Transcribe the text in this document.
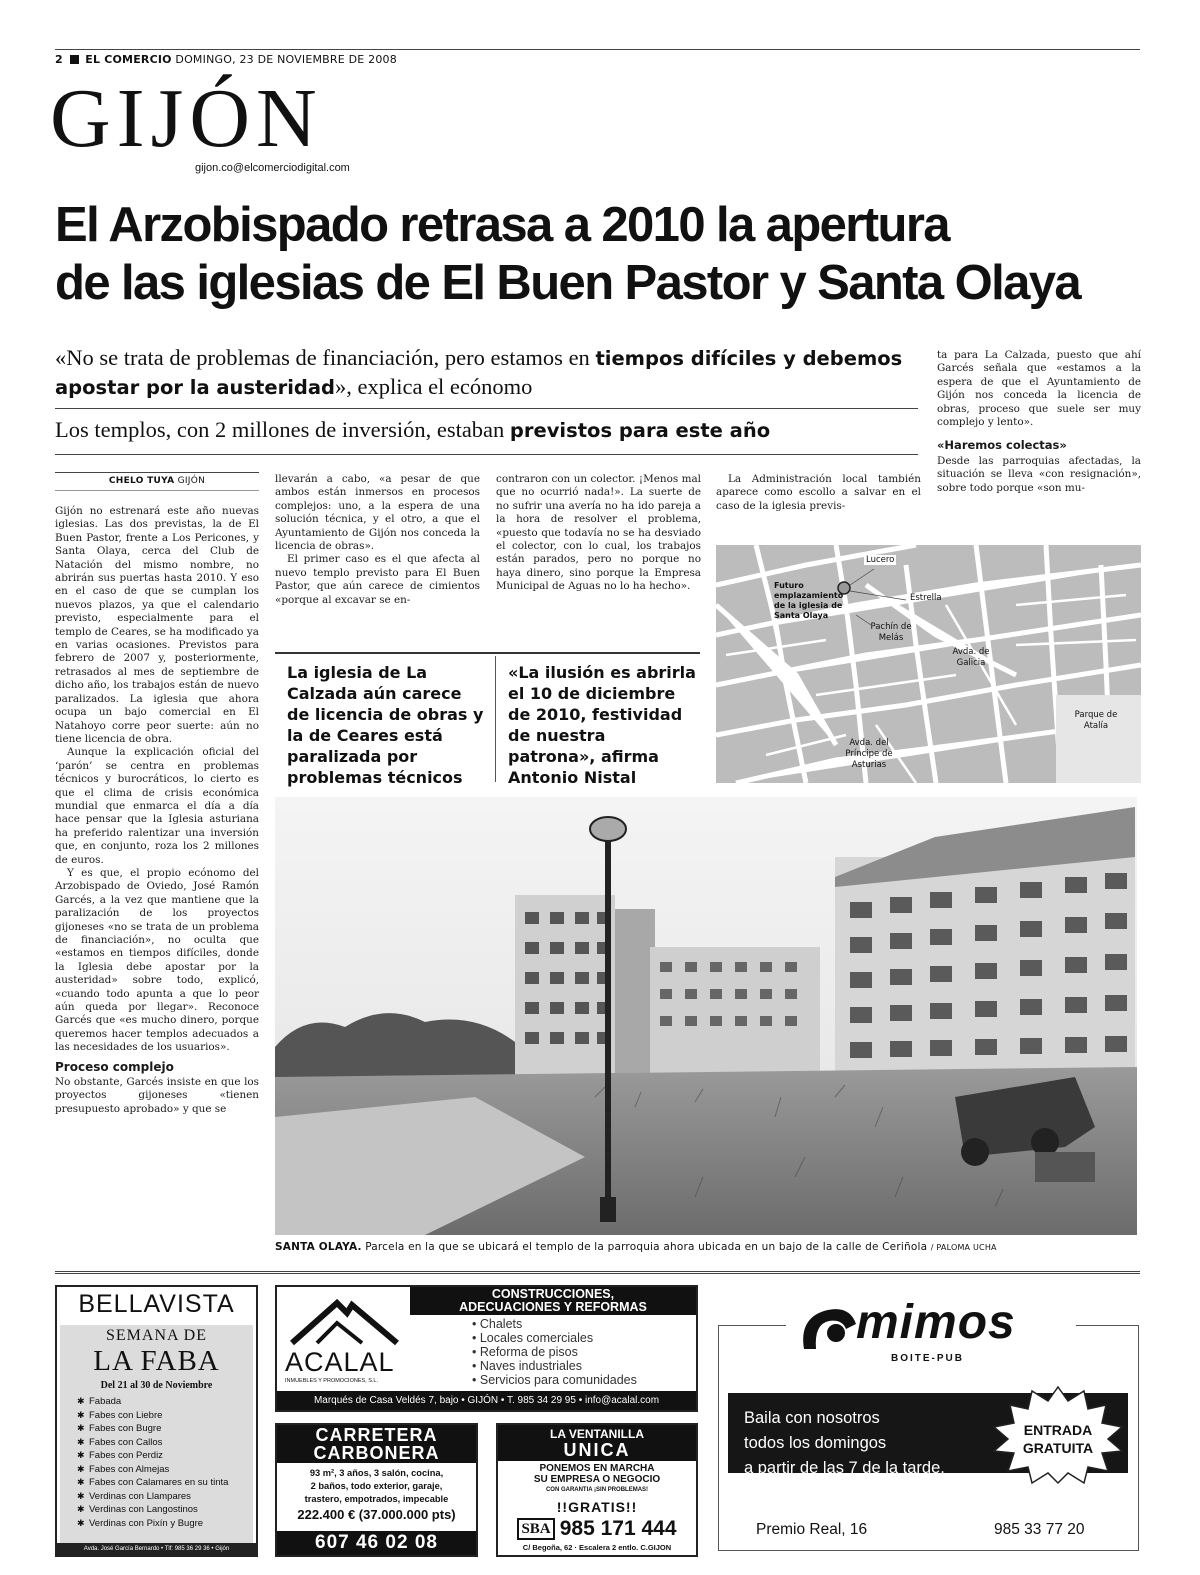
2 EL COMERCIO DOMINGO, 23 DE NOVIEMBRE DE 2008
GIJÓN
gijon.co@elcomerciodigital.com
El Arzobispado retrasa a 2010 la apertura
de las iglesias de El Buen Pastor y Santa Olaya
«No se trata de problemas de financiación, pero estamos en tiempos difíciles y debemos apostar por la austeridad», explica el ecónomo
Los templos, con 2 millones de inversión, estaban previstos para este año
CHELO TUYA GIJÓN

Gijón no estrenará este año nuevas iglesias. Las dos previstas, la de El Buen Pastor, frente a Los Pericones, y Santa Olaya, cerca del Club de Natación del mismo nombre, no abrirán sus puertas hasta 2010. Y eso en el caso de que se cumplan los nuevos plazos, ya que el calendario previsto, especialmente para el templo de Ceares, se ha modificado ya en varias ocasiones. Previstos para febrero de 2007 y, posteriormente, retrasados al mes de septiembre de dicho año, los trabajos están de nuevo paralizados. La iglesia que ahora ocupa un bajo comercial en El Natahoyo corre peor suerte: aún no tiene licencia de obra.

Aunque la explicación oficial del ‘parón’ se centra en problemas técnicos y burocráticos, lo cierto es que el clima de crisis económica mundial que enmarca el día a día hace pensar que la Iglesia asturiana ha preferido ralentizar una inversión que, en conjunto, roza los 2 millones de euros.

Y es que, el propio ecónomo del Arzobispado de Oviedo, José Ramón Garcés, a la vez que mantiene que la paralización de los proyectos gijoneses «no se trata de un problema de financiación», no oculta que «estamos en tiempos difíciles, donde la Iglesia debe apostar por la austeridad» sobre todo, explicó, «cuando todo apunta a que lo peor aún queda por llegar». Reconoce Garcés que «es mucho dinero, porque queremos hacer templos adecuados a las necesidades de los usuarios».

Proceso complejo

No obstante, Garcés insiste en que los proyectos gijoneses «tienen presupuesto aprobado» y que se

llevarán a cabo, «a pesar de que ambos están inmersos en procesos complejos: uno, a la espera de una solución técnica, y el otro, a que el Ayuntamiento de Gijón nos conceda la licencia de obras».

El primer caso es el que afecta al nuevo templo previsto para El Buen Pastor, que aún carece de cimientos «porque al excavar se en-

contraron con un colector. ¡Menos mal que no ocurrió nada!». La suerte de no sufrir una avería no ha ido pareja a la hora de resolver el problema, «puesto que todavía no se ha desviado el colector, con lo cual, los trabajos están parados, pero no porque no haya dinero, sino porque la Empresa Municipal de Aguas no lo ha hecho».

La Administración local también aparece como escollo a salvar en el caso de la iglesia previs-

ta para La Calzada, puesto que ahí Garcés señala que «estamos a la espera de que el Ayuntamiento de Gijón nos conceda la licencia de obras, proceso que suele ser muy complejo y lento».

«Haremos colectas»

Desde las parroquias afectadas, la situación se lleva «con resignación», sobre todo porque «son mu-

La iglesia de La Calzada aún carece de licencia de obras y la de Ceares está paralizada por problemas técnicos
«La ilusión es abrirla el 10 de diciembre de 2010, festividad de nuestra patrona», afirma Antonio Nistal
Futuro emplazamiento de la iglesia de Santa Olaya
Lucero
Estrella
Pachín de Melás
Avda. de Galicia
Parque de Atalía
Avda. del Príncipe de Asturias
SANTA OLAYA. Parcela en la que se ubicará el templo de la parroquia ahora ubicada en un bajo de la calle de Ceriñola / PALOMA UCHA
BELLAVISTA
SEMANA DE
LA FABA
Del 21 al 30 de Noviembre
✱ Fabada
✱ Fabes con Liebre
✱ Fabes con Bugre
✱ Fabes con Callos
✱ Fabes con Perdiz
✱ Fabes con Almejas
✱ Fabes con Calamares en su tinta
✱ Verdinas con Llampares
✱ Verdinas con Langostinos
✱ Verdinas con Pixín y Bugre
Avda. José García Bernardo • Tlf: 985 36 29 36 • Gijón
CONSTRUCCIONES,
ADECUACIONES Y REFORMAS
ACALAL
INMUEBLES Y PROMOCIONES, S.L.
• Chalets
• Locales comerciales
• Reforma de pisos
• Naves industriales
• Servicios para comunidades
Marqués de Casa Veldés 7, bajo • GIJÓN • T. 985 34 29 95 • info@acalal.com
CARRETERA
CARBONERA
93 m², 3 años, 3 salón, cocina,
2 baños, todo exterior, garaje,
trastero, empotrados, impecable
222.400 € (37.000.000 pts)
607 46 02 08
LA VENTANILLA
UNICA
PONEMOS EN MARCHA
SU EMPRESA O NEGOCIO
CON GARANTIA ¡SIN PROBLEMAS!
!!GRATIS!!
SBA 985 171 444
C/ Begoña, 62 · Escalera 2 entlo. C.GIJON
mimos
BOITE-PUB
Baila con nosotros
todos los domingos
a partir de las 7 de la tarde.
ENTRADA
GRATUITA
Premio Real, 16	985 33 77 20
